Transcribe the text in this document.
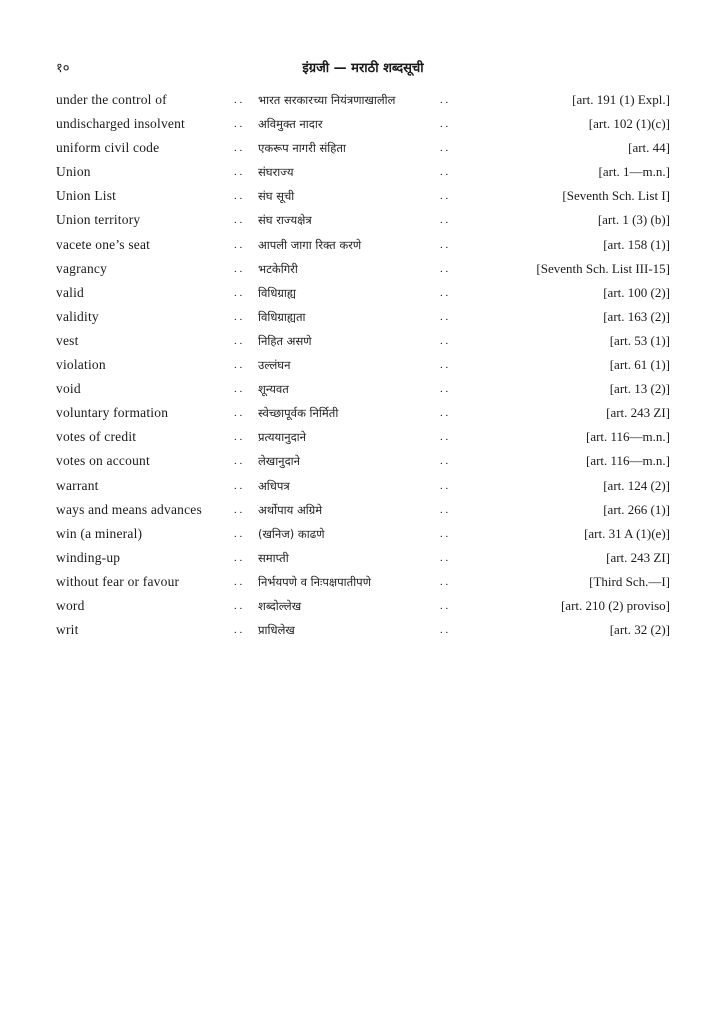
१०	इंग्रजी — मराठी शब्दसूची
under the control of	. . भारत सरकारच्या नियंत्रणाखालील	. .	[art. 191 (1) Expl.]
undischarged insolvent	. . अविमुक्त नादार	. .	[art. 102 (1)(c)]
uniform civil code	. . एकरूप नागरी संहिता	. .	[art. 44]
Union	. . संघराज्य	. .	[art. 1—m.n.]
Union List	. . संघ सूची	. .	[Seventh Sch. List I]
Union territory	. . संघ राज्यक्षेत्र	. .	[art. 1 (3) (b)]
vacete one’s seat	. . आपली जागा रिक्त करणे	. .	[art. 158 (1)]
vagrancy	. . भटकेगिरी	. .	[Seventh Sch. List III-15]
valid	. . विधिग्राह्य	. .	[art. 100 (2)]
validity	. . विधिग्राह्यता	. .	[art. 163 (2)]
vest	. . निहित असणे	. .	[art. 53 (1)]
violation	. . उल्लंघन	. .	[art. 61 (1)]
void	. . शून्यवत	. .	[art. 13 (2)]
voluntary formation	. . स्वेच्छापूर्वक निर्मिती	. .	[art. 243 ZI]
votes of credit	. . प्रत्ययानुदाने	. .	[art. 116—m.n.]
votes on account	. . लेखानुदाने	. .	[art. 116—m.n.]
warrant	. . अधिपत्र	. .	[art. 124 (2)]
ways and means advances	. . अर्थोपाय अग्रिमे	. .	[art. 266 (1)]
win (a mineral)	. . (खनिज) काढणे	. .	[art. 31 A (1)(e)]
winding-up	. . समाप्ती	. .	[art. 243 ZI]
without fear or favour	. . निर्भयपणे व निःपक्षपातीपणे	. .	[Third Sch.—I]
word	. . शब्दोल्लेख	. .	[art. 210 (2) proviso]
writ	. . प्राधिलेख	. .	[art. 32 (2)]
